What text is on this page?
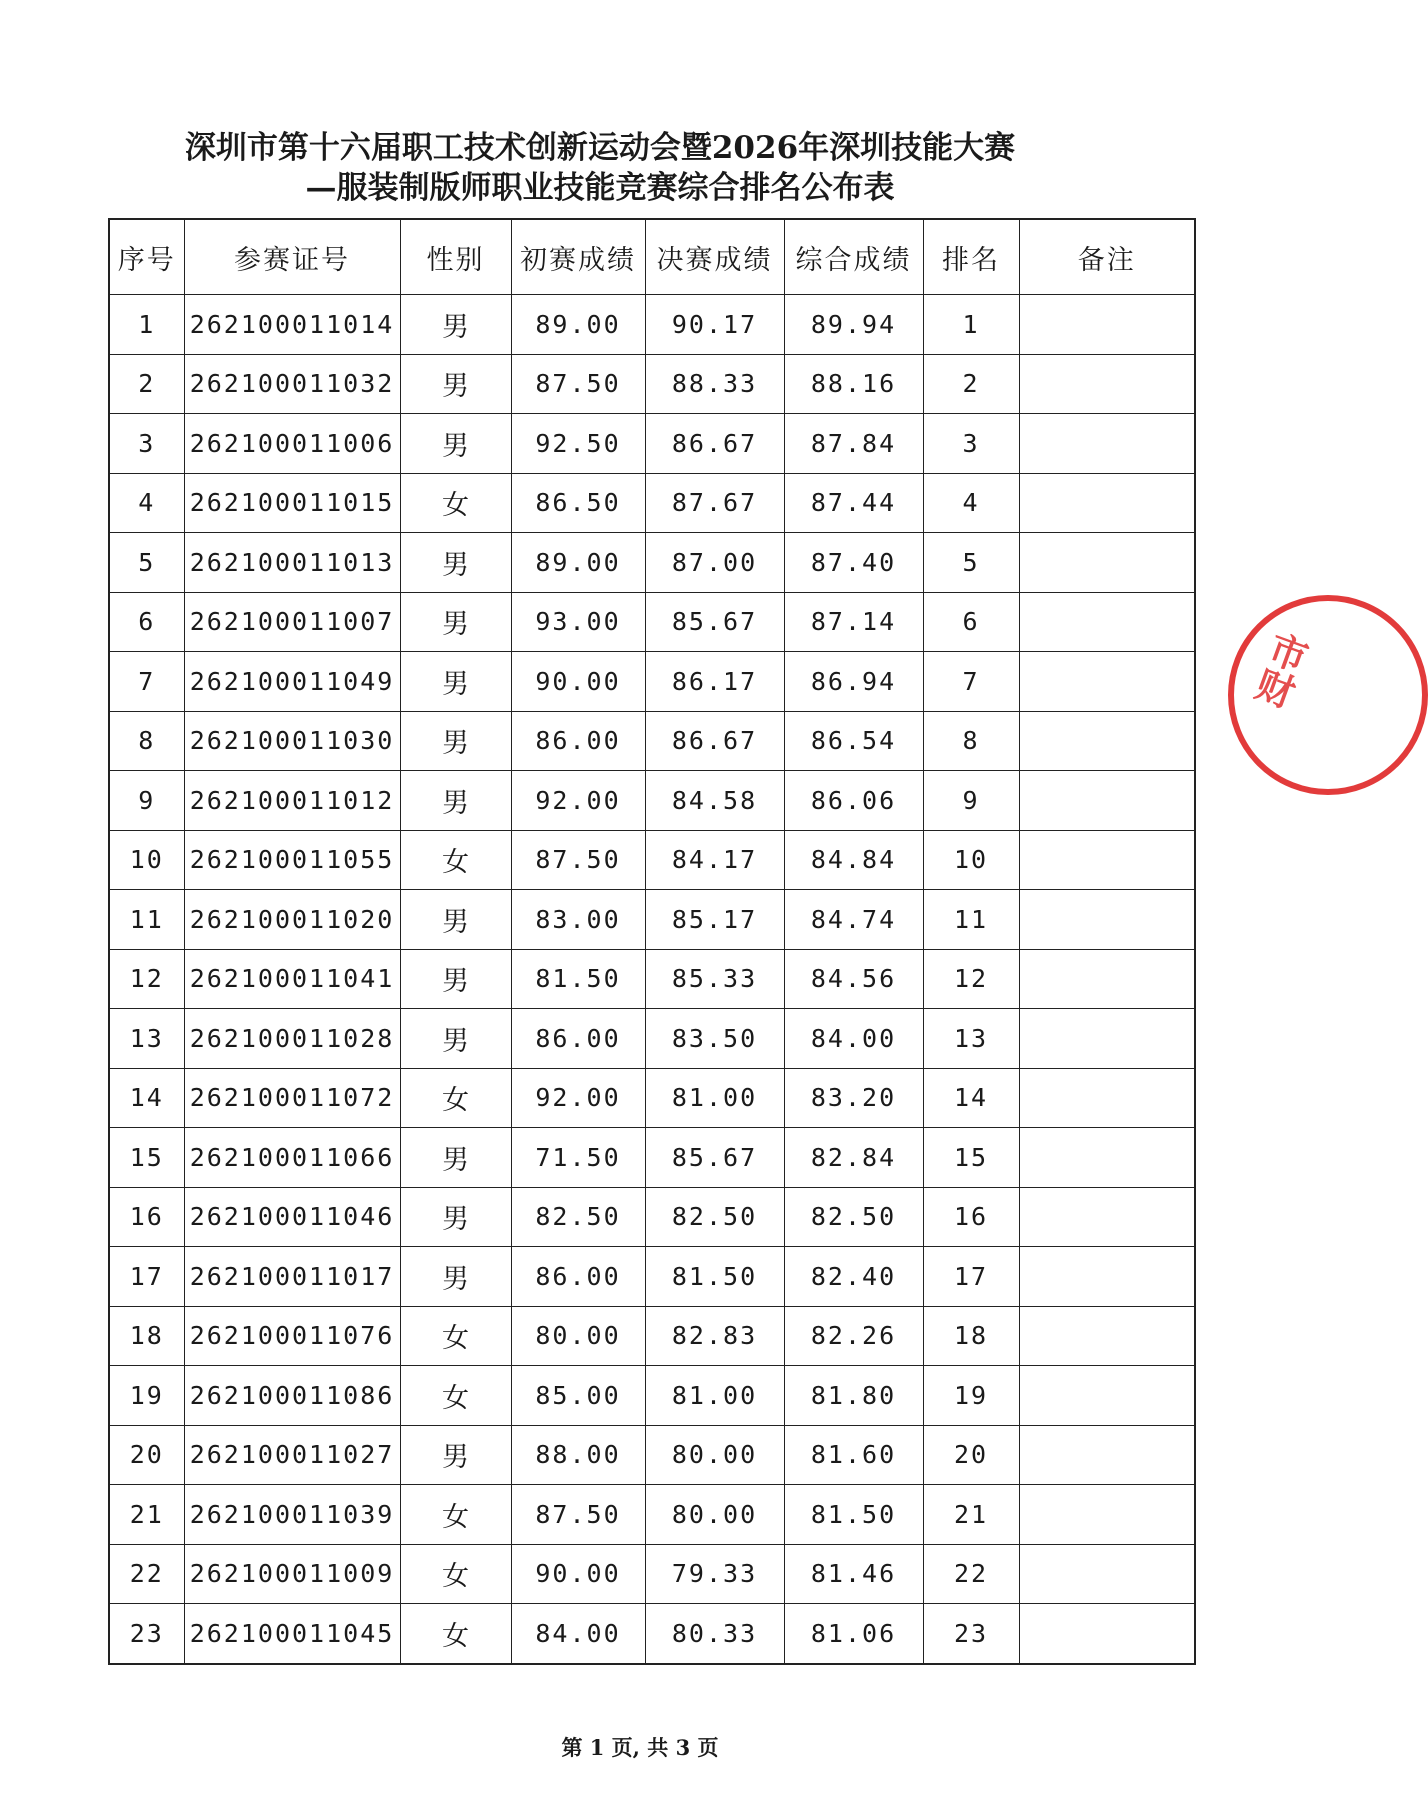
深圳市第十六届职工技术创新运动会暨2026年深圳技能大赛
—服装制版师职业技能竞赛综合排名公布表
序号	参赛证号	性别	初赛成绩	决赛成绩	综合成绩	排名	备注
1	262100011014	男	89.00	90.17	89.94	1	
2	262100011032	男	87.50	88.33	88.16	2	
3	262100011006	男	92.50	86.67	87.84	3	
4	262100011015	女	86.50	87.67	87.44	4	
5	262100011013	男	89.00	87.00	87.40	5	
6	262100011007	男	93.00	85.67	87.14	6	
7	262100011049	男	90.00	86.17	86.94	7	
8	262100011030	男	86.00	86.67	86.54	8	
9	262100011012	男	92.00	84.58	86.06	9	
10	262100011055	女	87.50	84.17	84.84	10	
11	262100011020	男	83.00	85.17	84.74	11	
12	262100011041	男	81.50	85.33	84.56	12	
13	262100011028	男	86.00	83.50	84.00	13	
14	262100011072	女	92.00	81.00	83.20	14	
15	262100011066	男	71.50	85.67	82.84	15	
16	262100011046	男	82.50	82.50	82.50	16	
17	262100011017	男	86.00	81.50	82.40	17	
18	262100011076	女	80.00	82.83	82.26	18	
19	262100011086	女	85.00	81.00	81.80	19	
20	262100011027	男	88.00	80.00	81.60	20	
21	262100011039	女	87.50	80.00	81.50	21	
22	262100011009	女	90.00	79.33	81.46	22	
23	262100011045	女	84.00	80.33	81.06	23	
市财
第 1 页, 共 3 页
